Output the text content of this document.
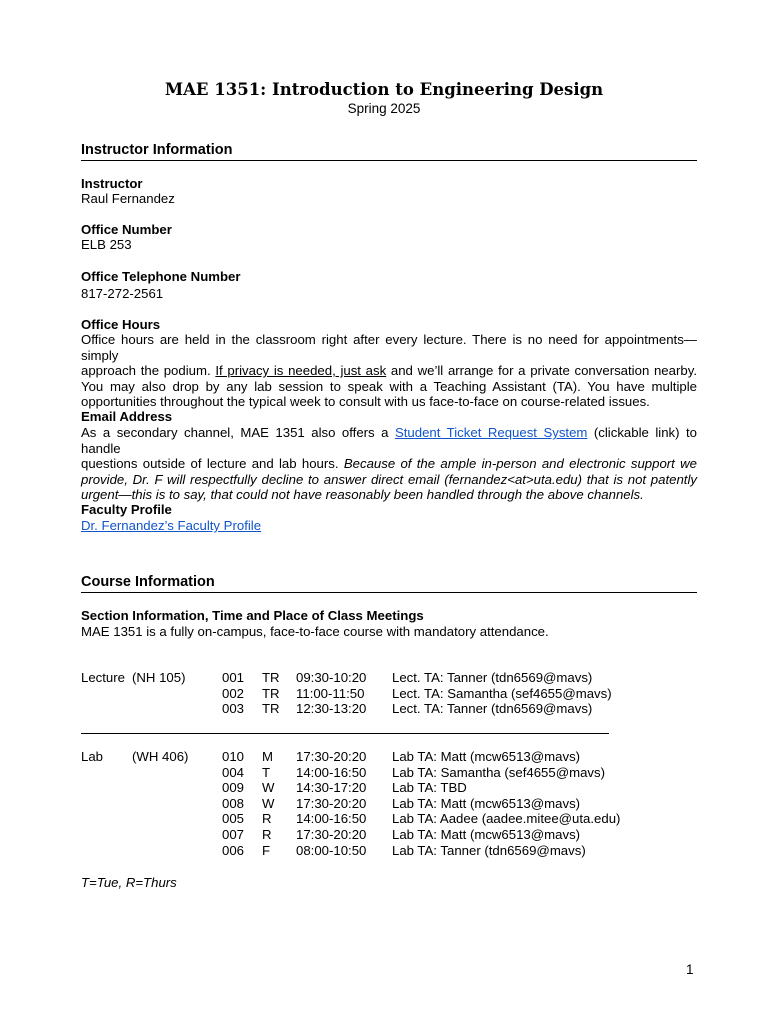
MAE 1351: Introduction to Engineering Design
Spring 2025
Instructor Information
Instructor
Raul Fernandez
Office Number
ELB 253
Office Telephone Number
817-272-2561
Office Hours
Office hours are held in the classroom right after every lecture. There is no need for appointments—simply
approach the podium. If privacy is needed, just ask and we’ll arrange for a private conversation nearby.
You may also drop by any lab session to speak with a Teaching Assistant (TA). You have multiple
opportunities throughout the typical week to consult with us face-to-face on course-related issues.
Email Address
As a secondary channel, MAE 1351 also offers a Student Ticket Request System (clickable link) to handle
questions outside of lecture and lab hours. Because of the ample in-person and electronic support we
provide, Dr. F will respectfully decline to answer direct email (fernandez<at>uta.edu) that is not patently
urgent—this is to say, that could not have reasonably been handled through the above channels.
Faculty Profile
Dr. Fernandez’s Faculty Profile
Course Information
Section Information, Time and Place of Class Meetings
MAE 1351 is a fully on-campus, face-to-face course with mandatory attendance.
Lecture (NH 105)	001 TR 09:30-10:20 Lect. TA: Tanner (tdn6569@mavs)
002 TR 11:00-11:50 Lect. TA: Samantha (sef4655@mavs)
003 TR 12:30-13:20 Lect. TA: Tanner (tdn6569@mavs)
Lab (WH 406)	010 M 17:30-20:20 Lab TA: Matt (mcw6513@mavs)
004 T 14:00-16:50 Lab TA: Samantha (sef4655@mavs)
009 W 14:30-17:20 Lab TA: TBD
008 W 17:30-20:20 Lab TA: Matt (mcw6513@mavs)
005 R 14:00-16:50 Lab TA: Aadee (aadee.mitee@uta.edu)
007 R 17:30-20:20 Lab TA: Matt (mcw6513@mavs)
006 F 08:00-10:50 Lab TA: Tanner (tdn6569@mavs)
T=Tue, R=Thurs
1
